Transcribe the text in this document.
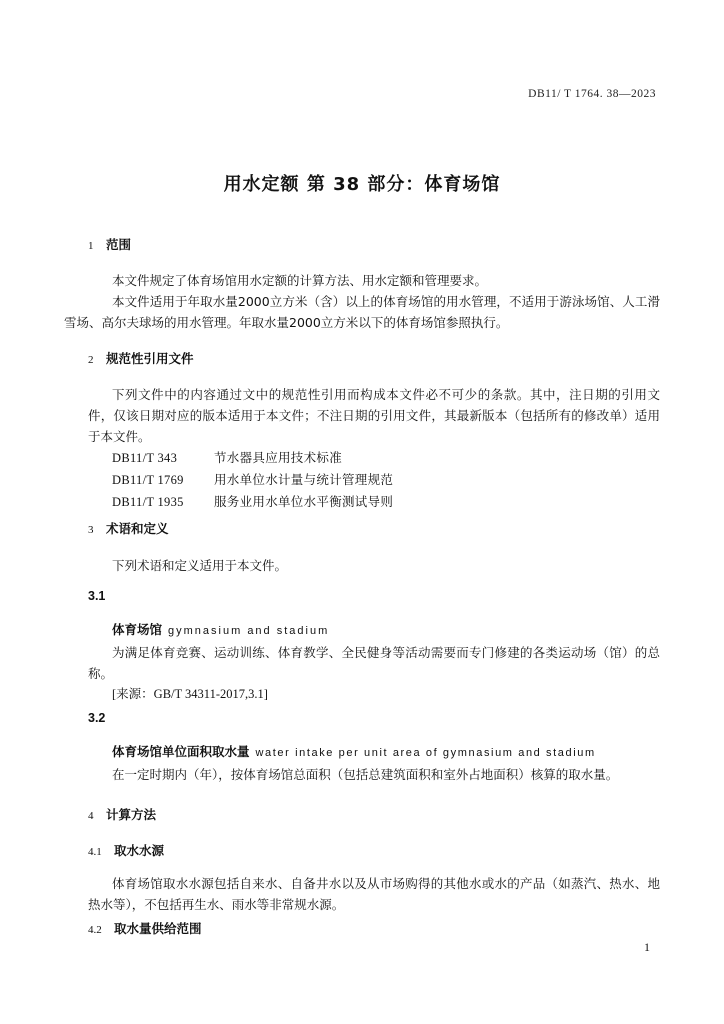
DB11/ T 1764. 38—2023
用水定额 第 38 部分：体育场馆
1 范围

本文件规定了体育场馆用水定额的计算方法、用水定额和管理要求。

本文件适用于年取水量2000立方米（含）以上的体育场馆的用水管理，不适用于游泳场馆、人工滑雪场、高尔夫球场的用水管理。年取水量2000立方米以下的体育场馆参照执行。

2 规范性引用文件

下列文件中的内容通过文中的规范性引用而构成本文件必不可少的条款。其中，注日期的引用文件，仅该日期对应的版本适用于本文件；不注日期的引用文件，其最新版本（包括所有的修改单）适用于本文件。

DB11/T 343	节水器具应用技术标准

DB11/T 1769 用水单位水计量与统计管理规范

DB11/T 1935 服务业用水单位水平衡测试导则

3 术语和定义

下列术语和定义适用于本文件。

3.1
体育场馆 gymnasium and stadium

为满足体育竞赛、运动训练、体育教学、全民健身等活动需要而专门修建的各类运动场（馆）的总称。

[来源：GB/T 34311-2017,3.1]
3.2
体育场馆单位面积取水量 water intake per unit area of gymnasium and stadium

在一定时期内（年），按体育场馆总面积（包括总建筑面积和室外占地面积）核算的取水量。

4 计算方法
4.1 取水水源

体育场馆取水水源包括自来水、自备井水以及从市场购得的其他水或水的产品（如蒸汽、热水、地热水等），不包括再生水、雨水等非常规水源。

4.2 取水量供给范围
1
